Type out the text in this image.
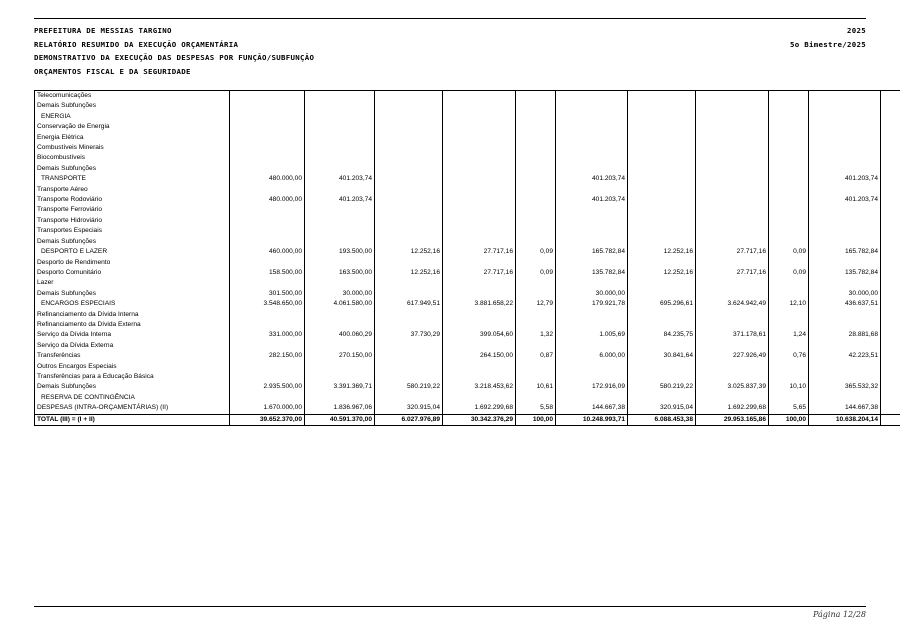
PREFEITURA DE MESSIAS TARGINO	2025
RELATÓRIO RESUMIDO DA EXECUÇÃO ORÇAMENTÁRIA	5o Bimestre/2025
DEMONSTRATIVO DA EXECUÇÃO DAS DESPESAS POR FUNÇÃO/SUBFUNÇÃO
ORÇAMENTOS FISCAL E DA SEGURIDADE
Telecomunicações											
Demais Subfunções											
ENERGIA											
Conservação de Energia											
Energia Elétrica											
Combustíveis Minerais											
Biocombustíveis											
Demais Subfunções											
TRANSPORTE	480.000,00	401.203,74				401.203,74				401.203,74	
Transporte Aéreo											
Transporte Rodoviário	480.000,00	401.203,74				401.203,74				401.203,74	
Transporte Ferroviário											
Transporte Hidroviário											
Transportes Especiais											
Demais Subfunções											
DESPORTO E LAZER	460.000,00	193.500,00	12.252,16	27.717,16	0,09	165.782,84	12.252,16	27.717,16	0,09	165.782,84	
Desporto de Rendimento											
Desporto Comunitário	158.500,00	163.500,00	12.252,16	27.717,16	0,09	135.782,84	12.252,16	27.717,16	0,09	135.782,84	
Lazer											
Demais Subfunções	301.500,00	30.000,00				30.000,00				30.000,00	
ENCARGOS ESPECIAIS	3.548.650,00	4.061.580,00	617.949,51	3.881.658,22	12,79	179.921,78	695.296,61	3.624.942,49	12,10	436.637,51	
Refinanciamento da Dívida Interna											
Refinanciamento da Dívida Externa											
Serviço da Dívida Interna	331.000,00	400.060,29	37.730,29	399.054,60	1,32	1.005,69	84.235,75	371.178,61	1,24	28.881,68	
Serviço da Dívida Externa											
Transferências	282.150,00	270.150,00		264.150,00	0,87	6.000,00	30.841,64	227.926,49	0,76	42.223,51	
Outros Encargos Especiais											
Transferências para a Educação Básica											
Demais Subfunções	2.935.500,00	3.391.369,71	580.219,22	3.218.453,62	10,61	172.916,09	580.219,22	3.025.837,39	10,10	365.532,32	
RESERVA DE CONTINGÊNCIA											
DESPESAS (INTRA-ORÇAMENTÁRIAS) (II)	1.670.000,00	1.836.967,06	320.915,04	1.692.299,68	5,58	144.667,38	320.915,04	1.692.299,68	5,65	144.667,38	
TOTAL (III) = (I + II)	39.652.370,00	40.591.370,00	6.027.976,89	30.342.376,29	100,00	10.248.993,71	6.088.453,38	29.953.165,86	100,00	10.638.204,14	
Página 12/28
